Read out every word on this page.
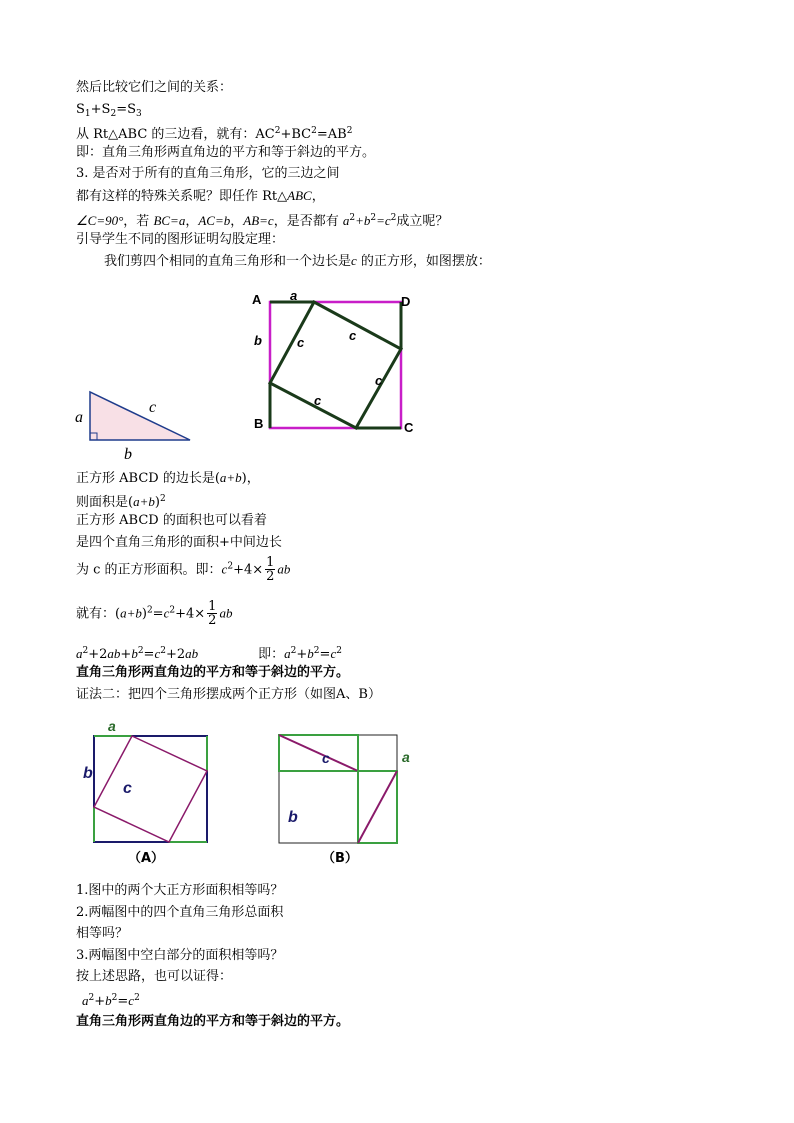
然后比较它们之间的关系：
$S_1+S_2=S_3$
从 Rt△ABC 的三边看，就有：$AC^2+BC^2=AB^2$
即：直角三角形两直角边的平方和等于斜边的平方。
3. 是否对于所有的直角三角形，它的三边之间
都有这样的特殊关系呢？即任作 Rt△ABC，
∠C=90°，若 BC=a，AC=b，AB=c，是否都有 $a^2+b^2=c^2$成立呢？
引导学生不同的图形证明勾股定理：
我们剪四个相同的直角三角形和一个边长是c 的正方形，如图摆放：
正方形 ABCD 的边长是(a+b)，
则面积是$(a+b)^2$
正方形 ABCD 的面积也可以看着
是四个直角三角形的面积+中间边长
为 c 的正方形面积。即：$c^2+4\times \frac{1}{2}$ ab
就有：$(a+b)^2=c^2+4\times \frac{1}{2}$ ab
$a^2+2ab+b^2=c^2+2ab$	即：$a^2+b^2=c^2$
直角三角形两直角边的平方和等于斜边的平方。
证法二：把四个三角形摆成两个正方形（如图A、B）
1.图中的两个大正方形面积相等吗？
2.两幅图中的四个直角三角形总面积
相等吗？
3.两幅图中空白部分的面积相等吗？
按上述思路，也可以证得：
$a^2+b^2=c^2$
直角三角形两直角边的平方和等于斜边的平方。
a
c
b
A	D
B	C
a
b	c
c
c
c
a
b
c
（A）
c	a
b
（B）
